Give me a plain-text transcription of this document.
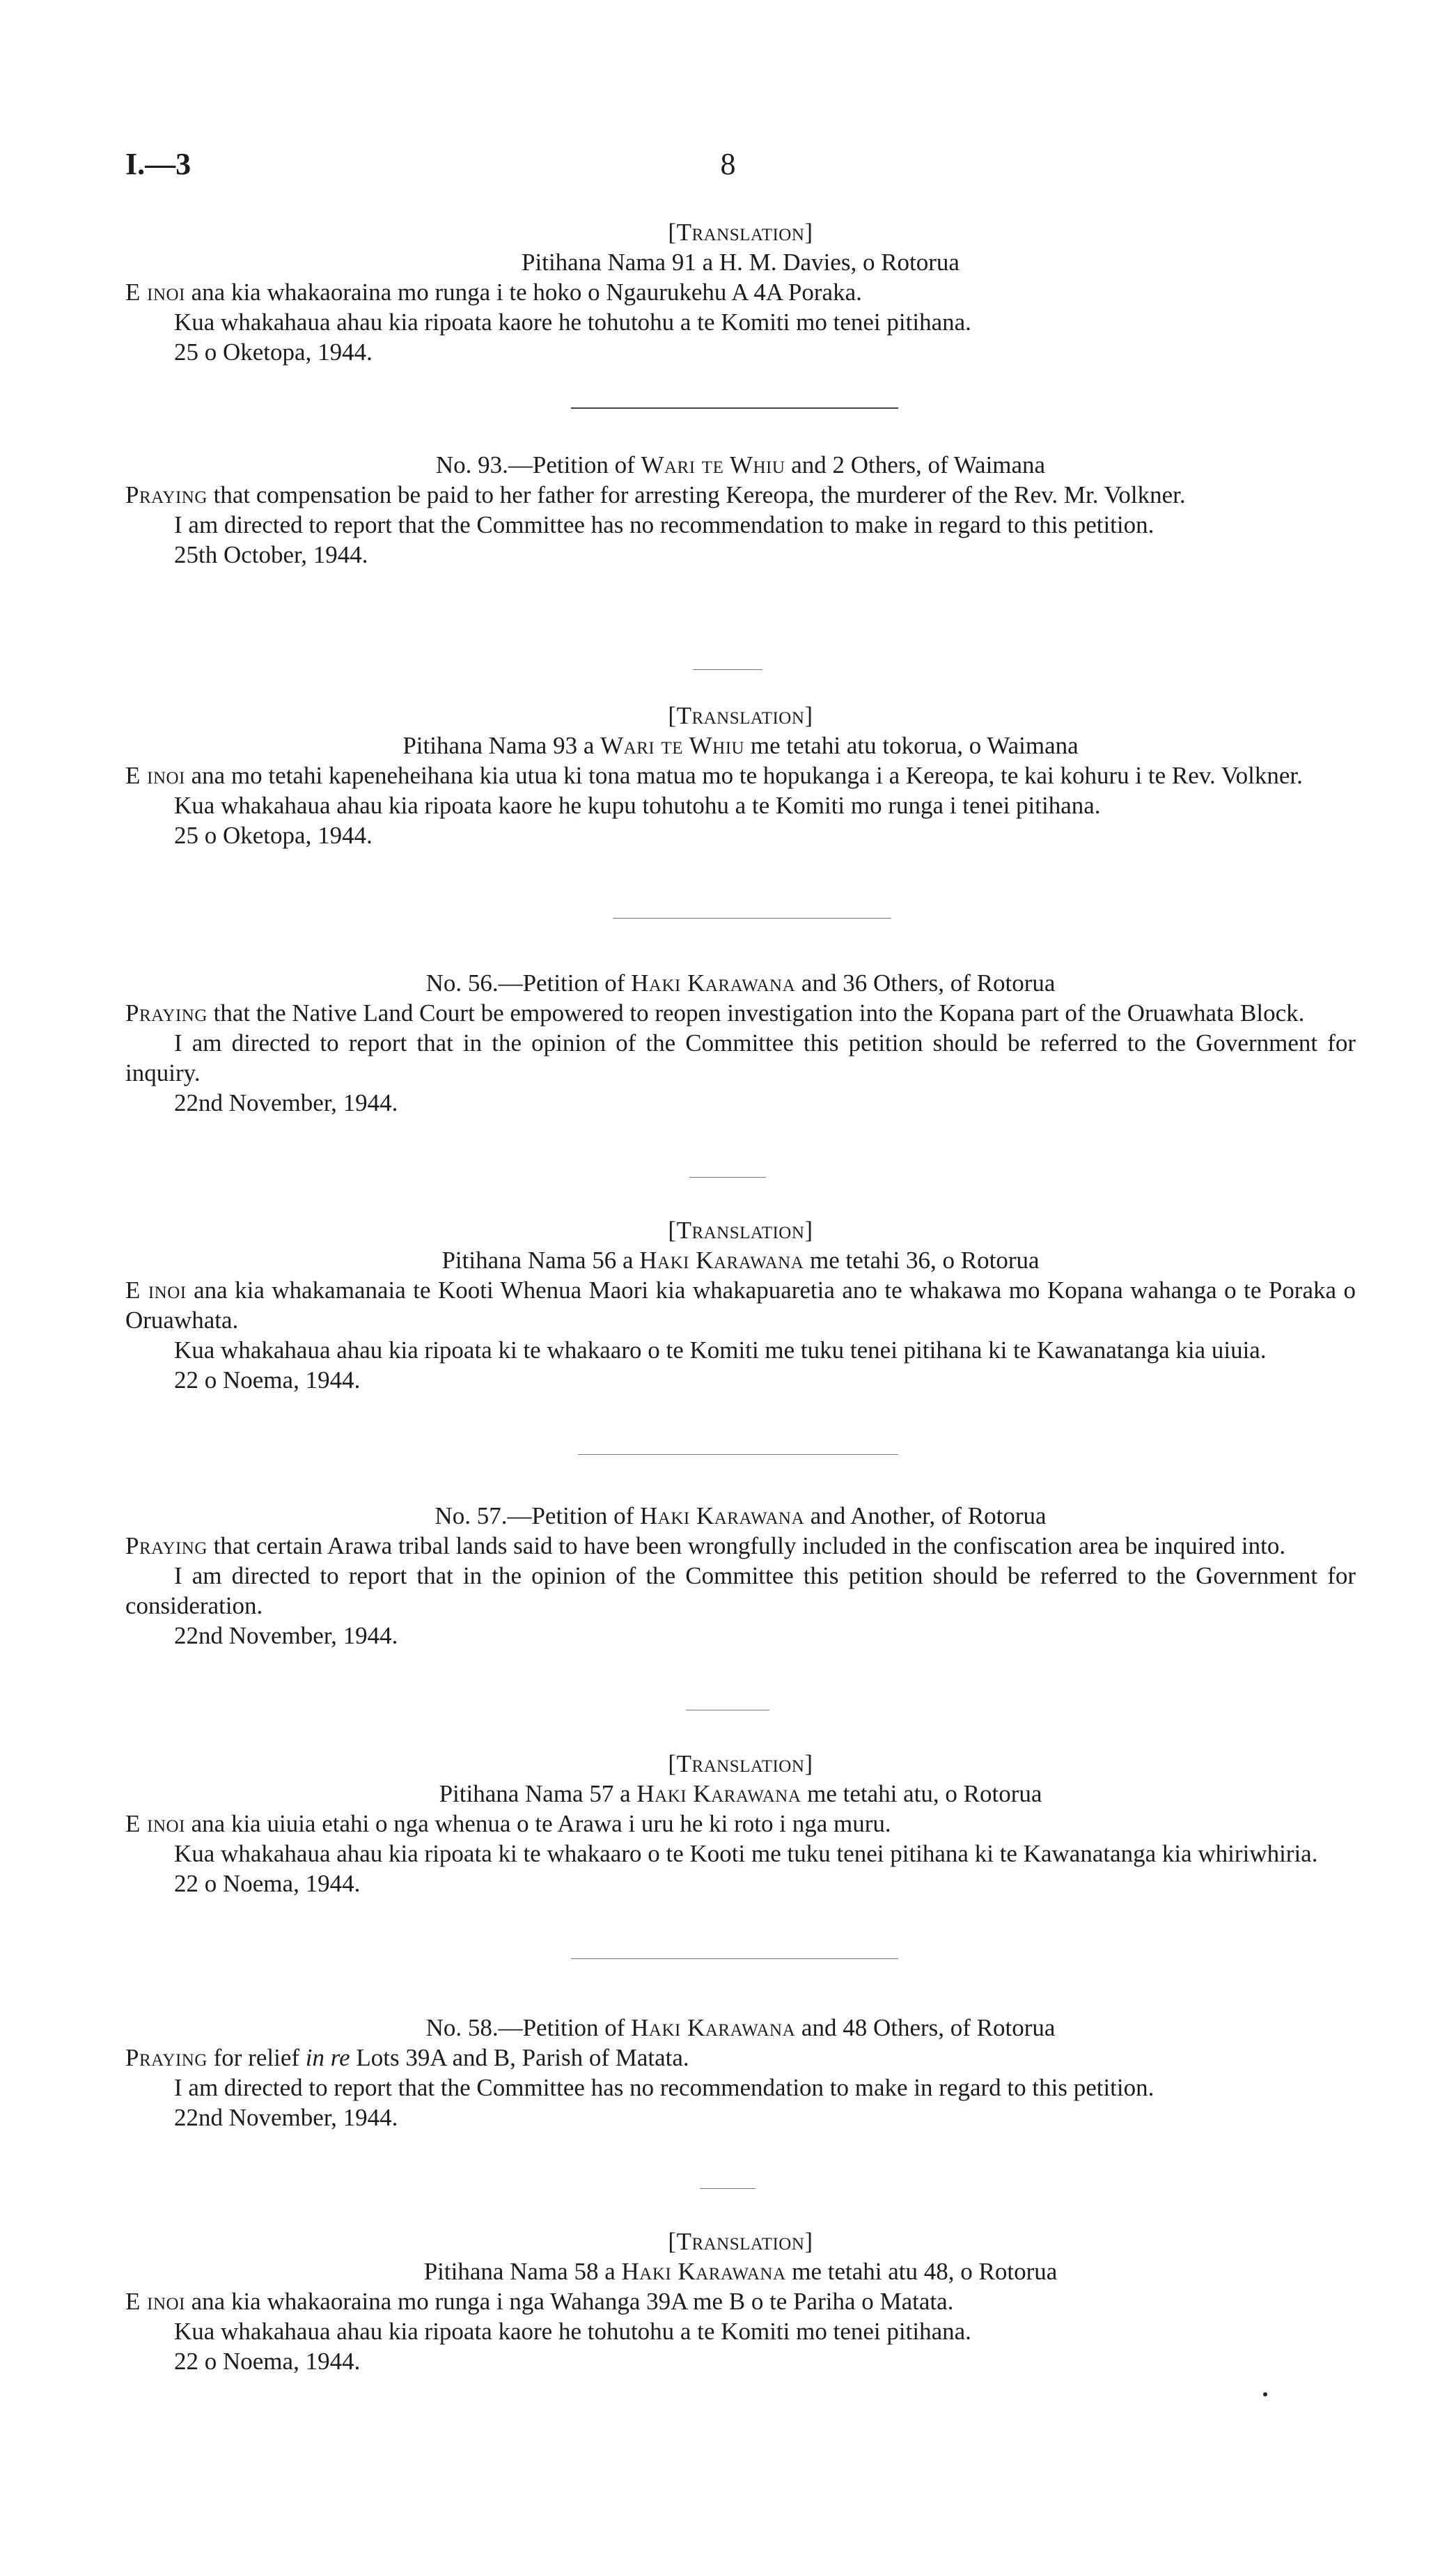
I.—3	8
[Translation]
Pitihana Nama 91 a H. M. Davies, o Rotorua

E inoi ana kia whakaoraina mo runga i te hoko o Ngaurukehu A 4A Poraka.

Kua whakahaua ahau kia ripoata kaore he tohutohu a te Komiti mo tenei pitihana.

25 o Oketopa, 1944.
No. 93.—Petition of Wari te Whiu and 2 Others, of Waimana

Praying that compensation be paid to her father for arresting Kereopa, the murderer of the Rev. Mr. Volkner.

I am directed to report that the Committee has no recommendation to make in regard to this petition.

25th October, 1944.
[Translation]
Pitihana Nama 93 a Wari te Whiu me tetahi atu tokorua, o Waimana

E inoi ana mo tetahi kapeneheihana kia utua ki tona matua mo te hopukanga i a Kereopa, te kai kohuru i te Rev. Volkner.

Kua whakahaua ahau kia ripoata kaore he kupu tohutohu a te Komiti mo runga i tenei pitihana.

25 o Oketopa, 1944.
No. 56.—Petition of Haki Karawana and 36 Others, of Rotorua

Praying that the Native Land Court be empowered to reopen investigation into the Kopana part of the Oruawhata Block.

I am directed to report that in the opinion of the Committee this petition should be referred to the Government for inquiry.

22nd November, 1944.
[Translation]
Pitihana Nama 56 a Haki Karawana me tetahi 36, o Rotorua

E inoi ana kia whakamanaia te Kooti Whenua Maori kia whakapuaretia ano te whakawa mo Kopana wahanga o te Poraka o Oruawhata.

Kua whakahaua ahau kia ripoata ki te whakaaro o te Komiti me tuku tenei pitihana ki te Kawanatanga kia uiuia.

22 o Noema, 1944.
No. 57.—Petition of Haki Karawana and Another, of Rotorua

Praying that certain Arawa tribal lands said to have been wrongfully included in the confiscation area be inquired into.

I am directed to report that in the opinion of the Committee this petition should be referred to the Government for consideration.

22nd November, 1944.
[Translation]
Pitihana Nama 57 a Haki Karawana me tetahi atu, o Rotorua

E inoi ana kia uiuia etahi o nga whenua o te Arawa i uru he ki roto i nga muru.

Kua whakahaua ahau kia ripoata ki te whakaaro o te Kooti me tuku tenei pitihana ki te Kawanatanga kia whiriwhiria.

22 o Noema, 1944.
No. 58.—Petition of Haki Karawana and 48 Others, of Rotorua

Praying for relief in re Lots 39A and B, Parish of Matata.

I am directed to report that the Committee has no recommendation to make in regard to this petition.

22nd November, 1944.
[Translation]
Pitihana Nama 58 a Haki Karawana me tetahi atu 48, o Rotorua

E inoi ana kia whakaoraina mo runga i nga Wahanga 39A me B o te Pariha o Matata.

Kua whakahaua ahau kia ripoata kaore he tohutohu a te Komiti mo tenei pitihana.

22 o Noema, 1944.
